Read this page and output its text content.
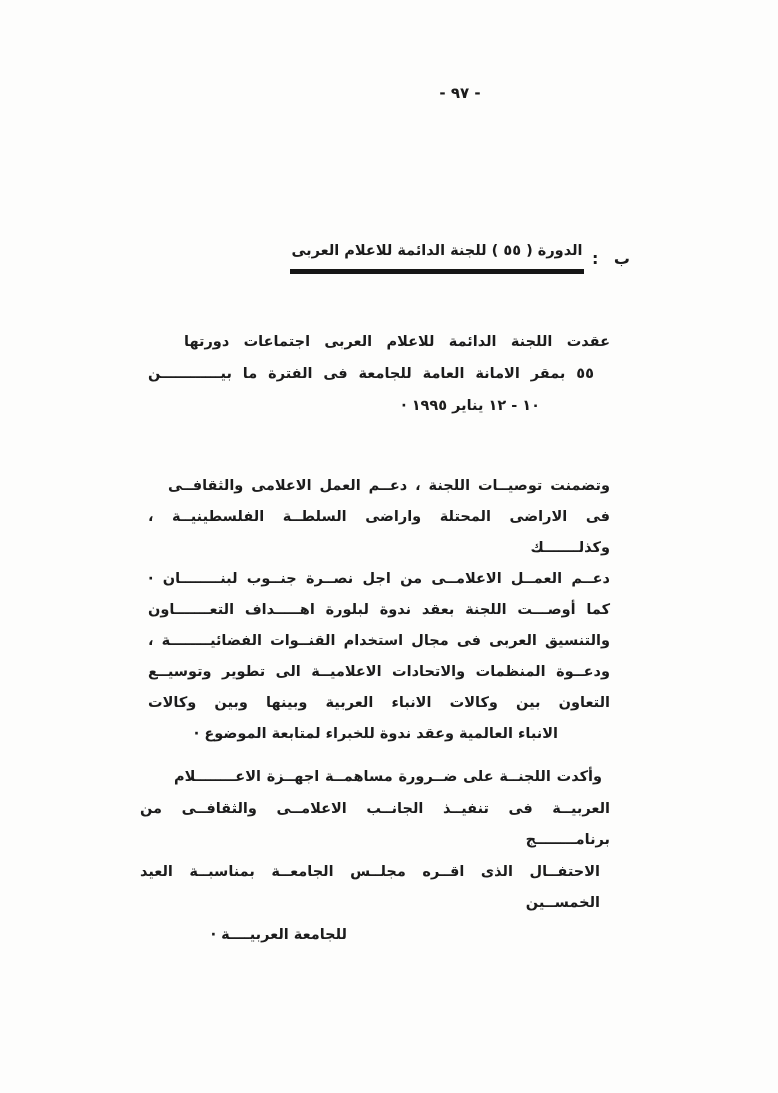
- ٩٧ -
ب :
الدورة ( ٥٥ ) للجنة الدائمة للاعلام العربى
عقدت اللجنة الدائمة للاعلام العربى اجتماعات دورتها
٥٥ بمقر الامانة العامة للجامعة فى الفترة ما بيــــــــــــن
١٠ - ١٢ يناير ١٩٩٥ ·
وتضمنت توصيــات اللجنة ، دعــم العمل الاعلامى والثقافــى
فى الاراضى المحتلة واراضى السلطــة الفلسطينيــة ، وكذلـــــــك
دعــم العمــل الاعلامــى من اجل نصــرة جنــوب لبنــــــــان ·
كما أوصـــت اللجنة بعقد ندوة لبلورة اهـــــداف التعـــــــاون
والتنسيق العربى فى مجال استخدام القنــوات الفضائيــــــــة ،
ودعــوة المنظمات والاتحادات الاعلاميــة الى تطوير وتوسيــع
التعاون بين وكالات الانباء العربية وبينها وبين وكالات
الانباء العالمية وعقد ندوة للخبراء لمتابعة الموضوع ·
وأكدت اللجنــة على ضــرورة مساهمــة اجهــزة الاعــــــــلام
العربيــة فى تنفيــذ الجانــب الاعلامــى والثقافــى من برنامــــــــج
الاحتفــال الذى اقــره مجلــس الجامعــة بمناسبــة العيد الخمســين
للجامعة العربيــــة ·
